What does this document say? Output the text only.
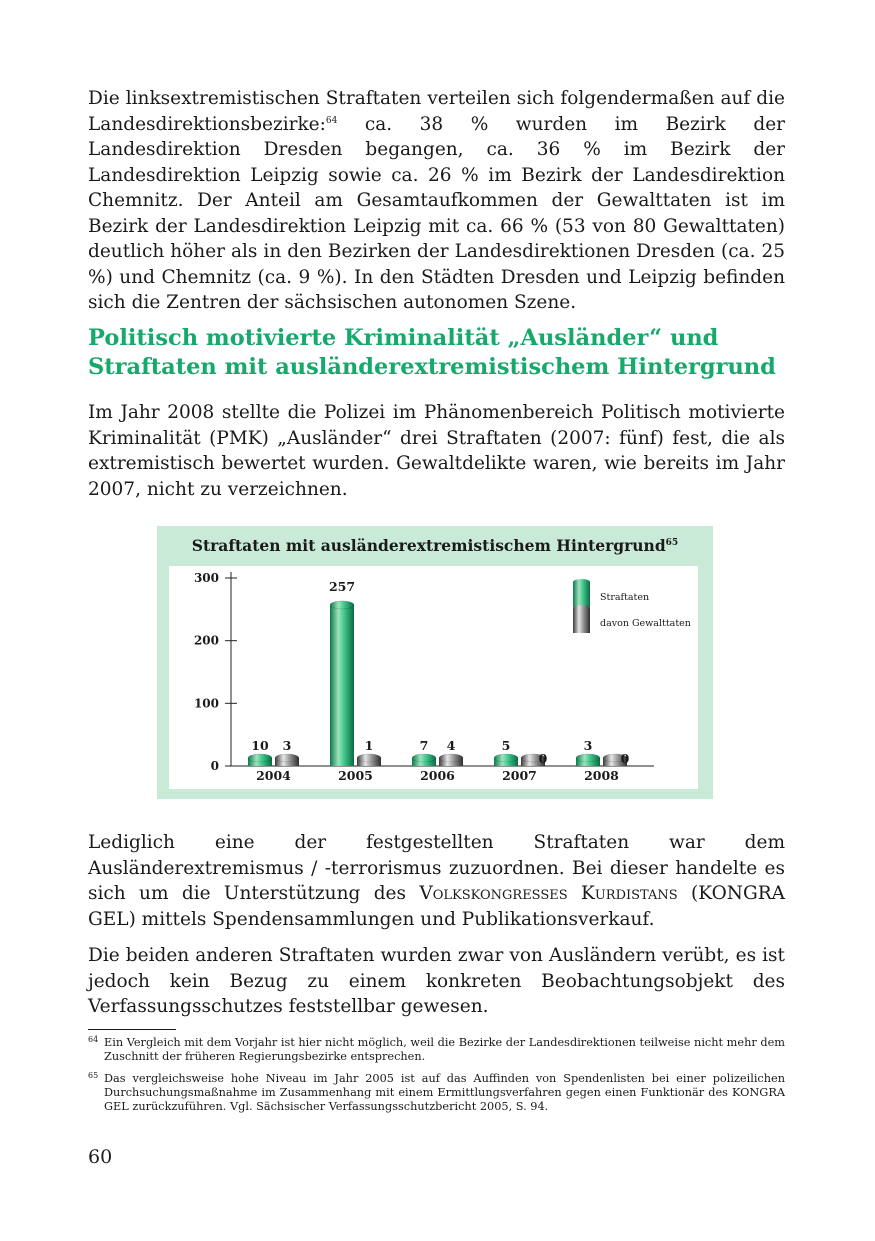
Die linksextremistischen Straftaten verteilen sich folgendermaßen auf die Landesdirektionsbezirke:$^{64}$ ca. 38 % wurden im Bezirk der Landesdirektion Dresden begangen, ca. 36 % im Bezirk der Landesdirektion Leipzig sowie ca. 26 % im Bezirk der Landesdirektion Chemnitz. Der Anteil am Gesamtaufkommen der Gewalttaten ist im Bezirk der Landesdirektion Leipzig mit ca. 66 % (53 von 80 Gewalttaten) deutlich höher als in den Bezirken der Landesdirektionen Dresden (ca. 25 %) und Chemnitz (ca. 9 %). In den Städten Dresden und Leipzig befinden sich die Zentren der sächsischen autonomen Szene.

Politisch motivierte Kriminalität „Ausländer“ und Straftaten mit ausländerextremistischem Hintergrund

Im Jahr 2008 stellte die Polizei im Phänomenbereich Politisch motivierte Kriminalität (PMK) „Ausländer“ drei Straftaten (2007: fünf) fest, die als extremistisch bewertet wurden. Gewaltdelikte waren, wie bereits im Jahr 2007, nicht zu verzeichnen.

Straftaten mit ausländerextremistischem Hintergrund$^{65}$
0
100
200
300
10 3
2004
257
1
2005
7 4
2006
5
0
2007
3
0
2008
Straftaten
davon Gewalttaten

Lediglich eine der festgestellten Straftaten war dem Ausländerextremismus / -terrorismus zuzuordnen. Bei dieser handelte es sich um die Unterstützung des Volkskongresses Kurdistans (KONGRA GEL) mittels Spendensammlungen und Publikationsverkauf.

Die beiden anderen Straftaten wurden zwar von Ausländern verübt, es ist jedoch kein Bezug zu einem konkreten Beobachtungsobjekt des Verfassungsschutzes feststellbar gewesen.

64 Ein Vergleich mit dem Vorjahr ist hier nicht möglich, weil die Bezirke der Landesdirektionen teilweise nicht mehr dem Zuschnitt der früheren Regierungsbezirke entsprechen.
65 Das vergleichsweise hohe Niveau im Jahr 2005 ist auf das Auffinden von Spendenlisten bei einer polizeilichen Durchsuchungsmaßnahme im Zusammenhang mit einem Ermittlungsverfahren gegen einen Funktionär des KONGRA GEL zurückzuführen. Vgl. Sächsischer Verfassungsschutzbericht 2005, S. 94.
60
